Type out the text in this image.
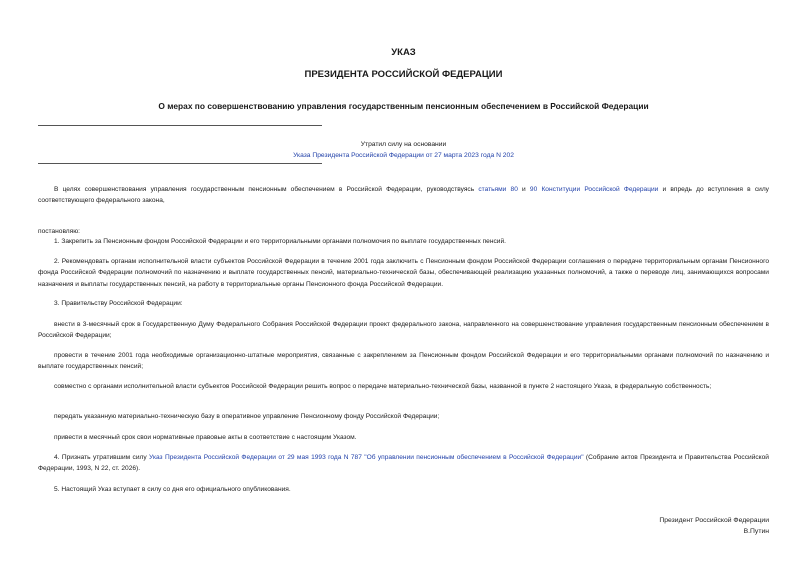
УКАЗ
ПРЕЗИДЕНТА РОССИЙСКОЙ ФЕДЕРАЦИИ
О мерах по совершенствованию управления государственным пенсионным обеспечением в Российской Федерации
Утратил силу на основании
Указа Президента Российской Федерации от 27 марта 2023 года N 202
В целях совершенствования управления государственным пенсионным обеспечением в Российской Федерации, руководствуясь статьями 80 и 90 Конституции Российской Федерации и впредь до вступления в силу соответствующего федерального закона,
постановляю:
1. Закрепить за Пенсионным фондом Российской Федерации и его территориальными органами полномочия по выплате государственных пенсий.
2. Рекомендовать органам исполнительной власти субъектов Российской Федерации в течение 2001 года заключить с Пенсионным фондом Российской Федерации соглашения о передаче территориальным органам Пенсионного фонда Российской Федерации полномочий по назначению и выплате государственных пенсий, материально-технической базы, обеспечивающей реализацию указанных полномочий, а также о переводе лиц, занимающихся вопросами назначения и выплаты государственных пенсий, на работу в территориальные органы Пенсионного фонда Российской Федерации.
3. Правительству Российской Федерации:
внести в 3-месячный срок в Государственную Думу Федерального Собрания Российской Федерации проект федерального закона, направленного на совершенствование управления государственным пенсионным обеспечением в Российской Федерации;
провести в течение 2001 года необходимые организационно-штатные мероприятия, связанные с закреплением за Пенсионным фондом Российской Федерации и его территориальными органами полномочий по назначению и выплате государственных пенсий;
совместно с органами исполнительной власти субъектов Российской Федерации решить вопрос о передаче материально-технической базы, названной в пункте 2 настоящего Указа, в федеральную собственность;
передать указанную материально-техническую базу в оперативное управление Пенсионному фонду Российской Федерации;
привести в месячный срок свои нормативные правовые акты в соответствие с настоящим Указом.
4. Признать утратившим силу Указ Президента Российской Федерации от 29 мая 1993 года N 787 "Об управлении пенсионным обеспечением в Российской Федерации" (Собрание актов Президента и Правительства Российской Федерации, 1993, N 22, ст. 2026).
5. Настоящий Указ вступает в силу со дня его официального опубликования.
Президент Российской Федерации
В.Путин
